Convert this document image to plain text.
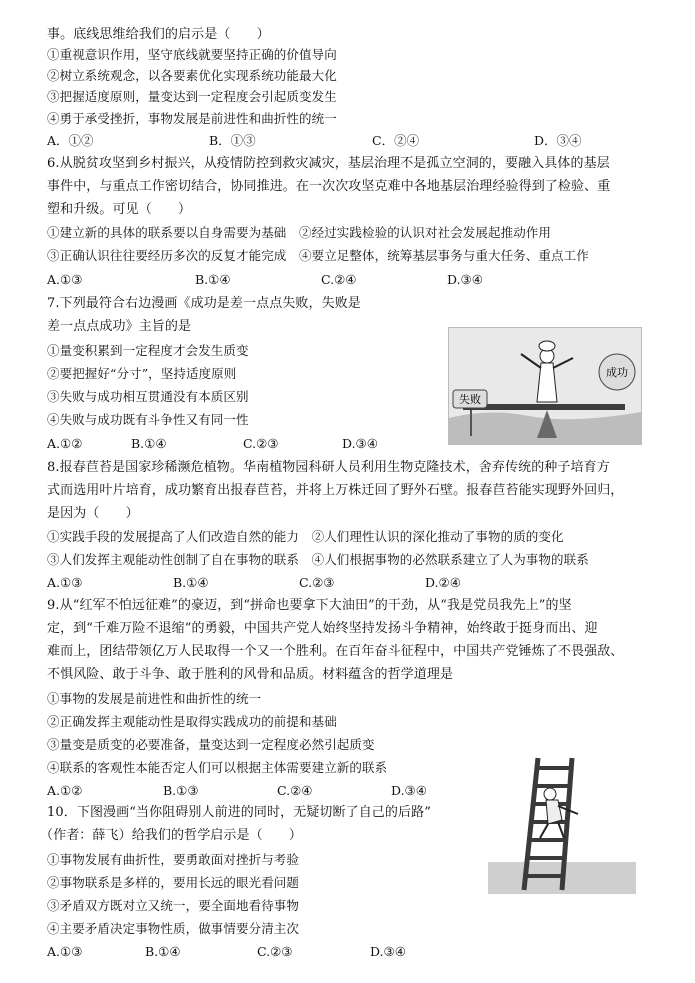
事。底线思维给我们的启示是（　　）
①重视意识作用，坚守底线就要坚持正确的价值导向
②树立系统观念，以各要素优化实现系统功能最大化
③把握适度原则，量变达到一定程度会引起质变发生
④勇于承受挫折，事物发展是前进性和曲折性的统一
A．①②	B．①③	C．②④	D．③④
6.从脱贫攻坚到乡村振兴，从疫情防控到救灾减灾，基层治理不是孤立空洞的，要融入具体的基层
事件中，与重点工作密切结合，协同推进。在一次次攻坚克难中各地基层治理经验得到了检验、重
塑和升级。可见（　　）
①建立新的具体的联系要以自身需要为基础　②经过实践检验的认识对社会发展起推动作用
③正确认识往往要经历多次的反复才能完成　④要立足整体，统筹基层事务与重大任务、重点工作
A.①③	B.①④	C.②④	D.③④
7.下列最符合右边漫画《成功是差一点点失败，失败是
差一点点成功》主旨的是
①量变积累到一定程度才会发生质变
②要把握好“分寸”，坚持适度原则
③失败与成功相互贯通没有本质区别
④失败与成功既有斗争性又有同一性
A.①②	B.①④	C.②③	D.③④
失败
成功
8.报春苣苔是国家珍稀濒危植物。华南植物园科研人员利用生物克隆技术，舍弃传统的种子培育方
式而选用叶片培育，成功繁育出报春苣苔，并将上万株迁回了野外石壁。报春苣苔能实现野外回归，
是因为（　　）
①实践手段的发展提高了人们改造自然的能力　②人们理性认识的深化推动了事物的质的变化
③人们发挥主观能动性创制了自在事物的联系　④人们根据事物的必然联系建立了人为事物的联系
A.①③	B.①④	C.②③	D.②④
9.从“红军不怕远征难”的豪迈，到“拼命也要拿下大油田”的干劲，从“我是党员我先上”的坚
定，到“千难万险不退缩”的勇毅，中国共产党人始终坚持发扬斗争精神，始终敢于挺身而出、迎
难而上，团结带领亿万人民取得一个又一个胜利。在百年奋斗征程中，中国共产党锤炼了不畏强敌、
不惧风险、敢于斗争、敢于胜利的风骨和品质。材料蕴含的哲学道理是
①事物的发展是前进性和曲折性的统一
②正确发挥主观能动性是取得实践成功的前提和基础
③量变是质变的必要准备，量变达到一定程度必然引起质变
④联系的客观性本能否定人们可以根据主体需要建立新的联系
A.①②	B.①③	C.②④	D.③④
10．下图漫画“当你阻碍别人前进的同时，无疑切断了自己的后路”
（作者：薛飞）给我们的哲学启示是（　　）
①事物发展有曲折性，要勇敢面对挫折与考验
②事物联系是多样的，要用长远的眼光看问题
③矛盾双方既对立又统一，要全面地看待事物
④主要矛盾决定事物性质，做事情要分清主次
A.①③	B.①④	C.②③	D.③④
